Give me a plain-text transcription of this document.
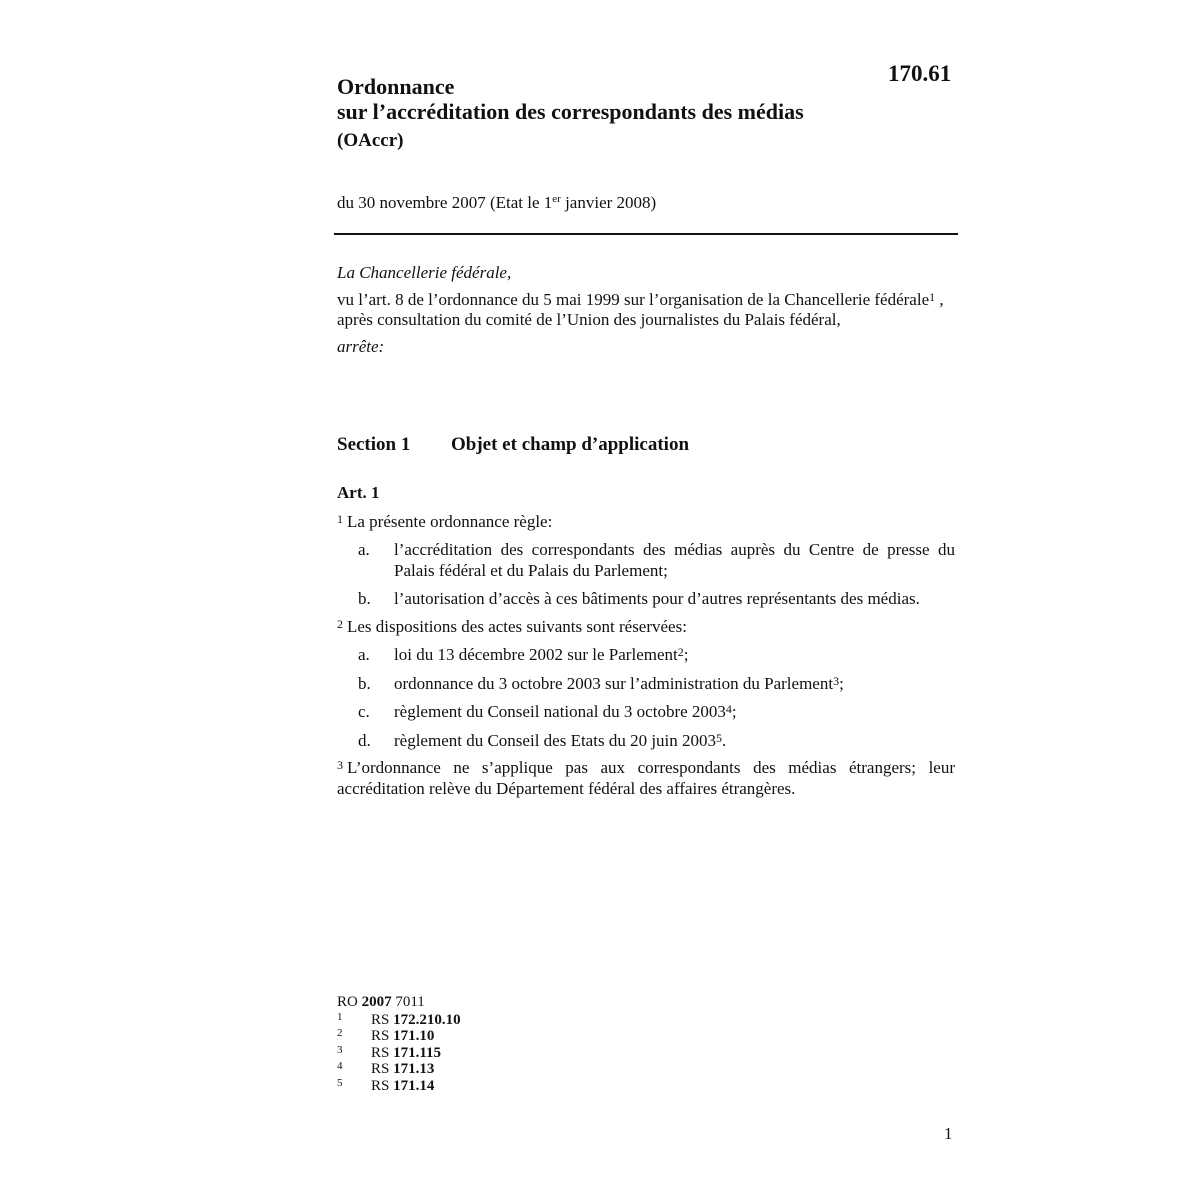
170.61
Ordonnance
sur l’accréditation des correspondants des médias
(OAccr)
du 30 novembre 2007 (Etat le 1er janvier 2008)
La Chancellerie fédérale,
vu l’art. 8 de l’ordonnance du 5 mai 1999 sur l’organisation de la Chancellerie fédérale$^1$ ,
après consultation du comité de l’Union des journalistes du Palais fédéral,
arrête:
Section 1 Objet et champ d’application
Art. 1
$^1$ La présente ordonnance règle:
a. l’accréditation des correspondants des médias auprès du Centre de presse du Palais fédéral et du Palais du Parlement;
b. l’autorisation d’accès à ces bâtiments pour d’autres représentants des médias.
$^2$ Les dispositions des actes suivants sont réservées:
a. loi du 13 décembre 2002 sur le Parlement$^2$;
b. ordonnance du 3 octobre 2003 sur l’administration du Parlement$^3$;
c. règlement du Conseil national du 3 octobre 2003$^4$;
d. règlement du Conseil des Etats du 20 juin 2003$^5$.
$^3$ L’ordonnance ne s’applique pas aux correspondants des médias étrangers; leur accréditation relève du Département fédéral des affaires étrangères.
RO 2007 7011
1 RS 172.210.10
2 RS 171.10
3 RS 171.115
4 RS 171.13
5 RS 171.14
1
